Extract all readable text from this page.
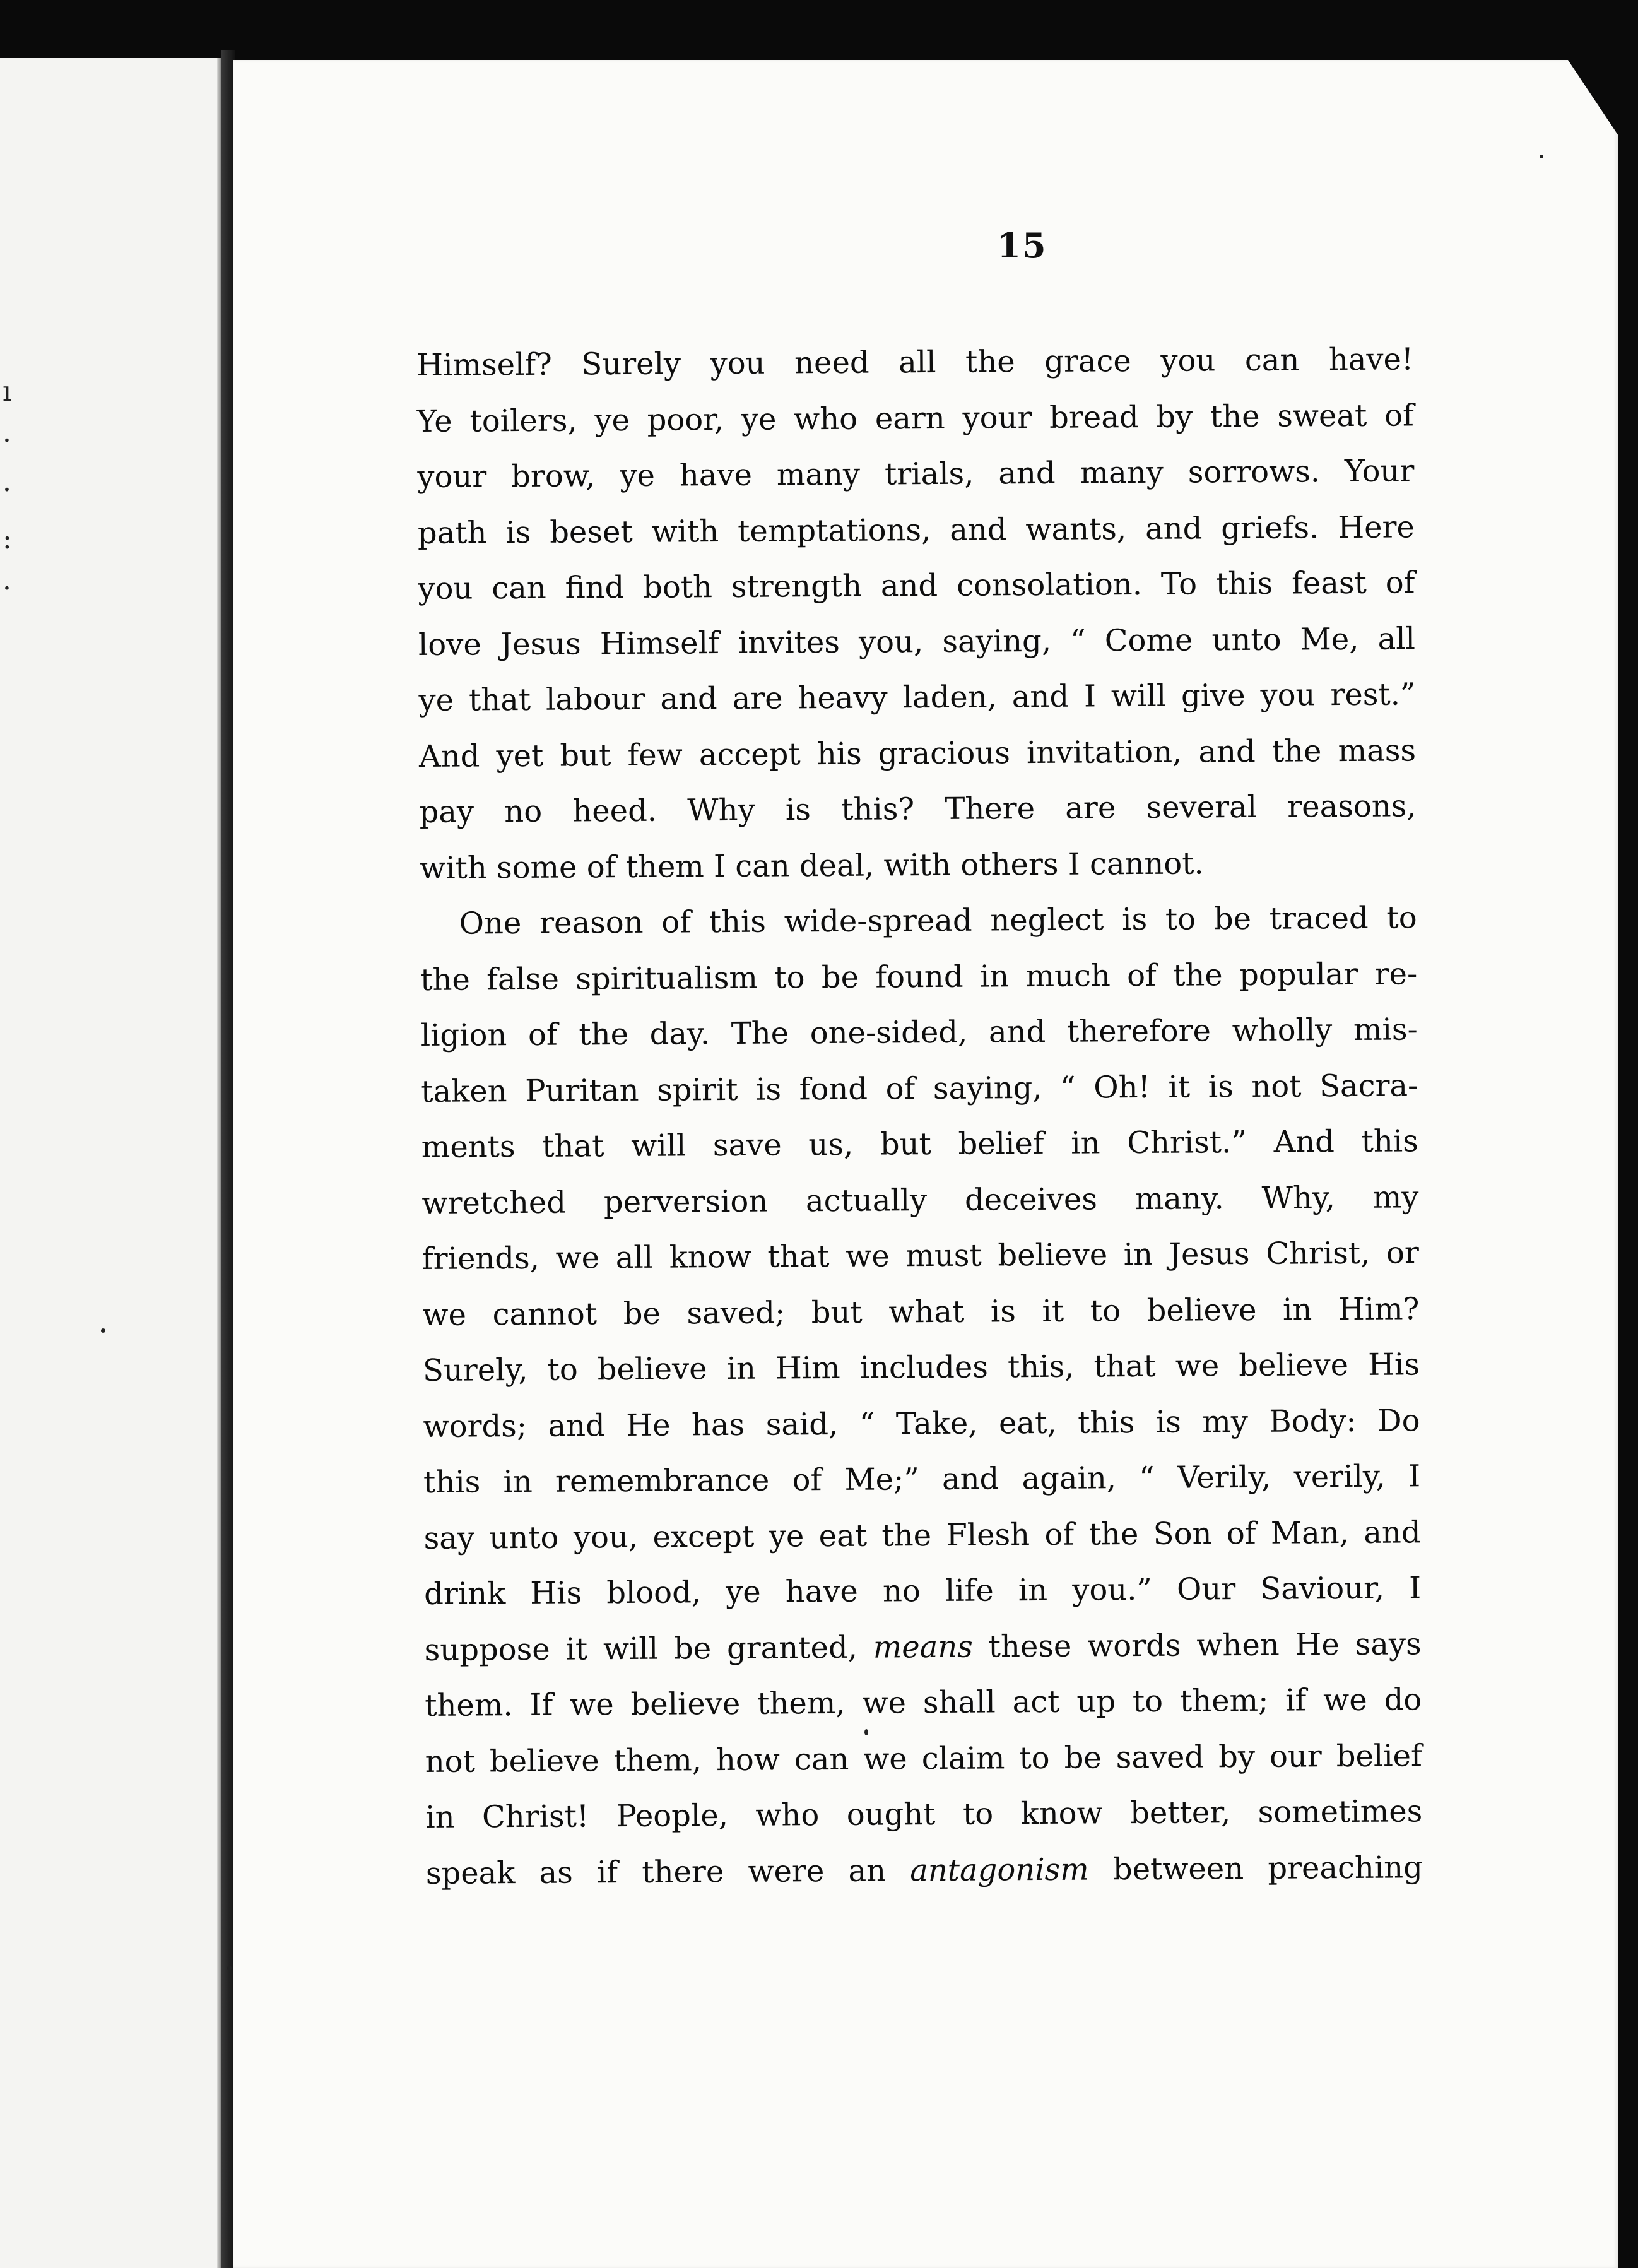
ı
·
·
:
·
15
Himself? Surely you need all the grace you can have!
Ye toilers, ye poor, ye who earn your bread by the sweat of
your brow, ye have many trials, and many sorrows. Your
path is beset with temptations, and wants, and griefs. Here
you can find both strength and consolation. To this feast of
love Jesus Himself invites you, saying, “ Come unto Me, all
ye that labour and are heavy laden, and I will give you rest.”
And yet but few accept his gracious invitation, and the mass
pay no heed. Why is this? There are several reasons,
with some of them I can deal, with others I cannot.
One reason of this wide-spread neglect is to be traced to
the false spiritualism to be found in much of the popular re-
ligion of the day. The one-sided, and therefore wholly mis-
taken Puritan spirit is fond of saying, “ Oh! it is not Sacra-
ments that will save us, but belief in Christ.” And this
wretched perversion actually deceives many. Why, my
friends, we all know that we must believe in Jesus Christ, or
we cannot be saved; but what is it to believe in Him?
Surely, to believe in Him includes this, that we believe His
words; and He has said, “ Take, eat, this is my Body: Do
this in remembrance of Me;” and again, “ Verily, verily, I
say unto you, except ye eat the Flesh of the Son of Man, and
drink His blood, ye have no life in you.” Our Saviour, I
suppose it will be granted, means these words when He says
them. If we believe them, we shall act up to them; if we do
not believe them, how can we claim to be saved by our belief
in Christ! People, who ought to know better, sometimes
speak as if there were an antagonism between preaching
